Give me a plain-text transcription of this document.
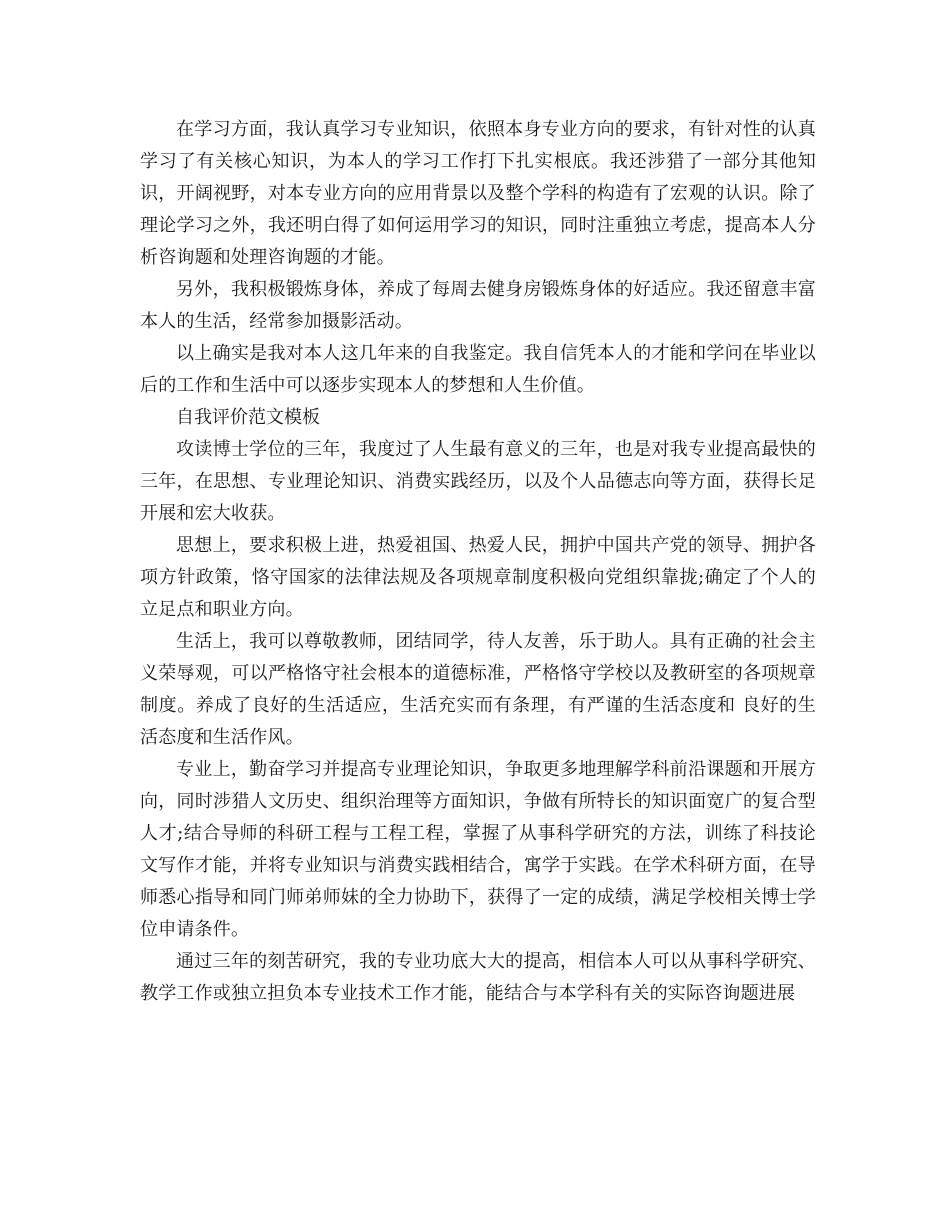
在学习方面，我认真学习专业知识，依照本身专业方向的要求，有针对性的认真学习了有关核心知识，为本人的学习工作打下扎实根底。我还涉猎了一部分其他知识，开阔视野，对本专业方向的应用背景以及整个学科的构造有了宏观的认识。除了理论学习之外，我还明白得了如何运用学习的知识，同时注重独立考虑，提高本人分析咨询题和处理咨询题的才能。

另外，我积极锻炼身体，养成了每周去健身房锻炼身体的好适应。我还留意丰富本人的生活，经常参加摄影活动。

以上确实是我对本人这几年来的自我鉴定。我自信凭本人的才能和学问在毕业以后的工作和生活中可以逐步实现本人的梦想和人生价值。

自我评价范文模板

攻读博士学位的三年，我度过了人生最有意义的三年，也是对我专业提高最快的三年，在思想、专业理论知识、消费实践经历，以及个人品德志向等方面，获得长足开展和宏大收获。

思想上，要求积极上进，热爱祖国、热爱人民，拥护中国共产党的领导、拥护各项方针政策，恪守国家的法律法规及各项规章制度积极向党组织靠拢;确定了个人的立足点和职业方向。

生活上，我可以尊敬教师，团结同学，待人友善，乐于助人。具有正确的社会主义荣辱观，可以严格恪守社会根本的道德标准，严格恪守学校以及教研室的各项规章制度。养成了良好的生活适应，生活充实而有条理，有严谨的生活态度和 良好的生活态度和生活作风。

专业上，勤奋学习并提高专业理论知识，争取更多地理解学科前沿课题和开展方向，同时涉猎人文历史、组织治理等方面知识，争做有所特长的知识面宽广的复合型人才;结合导师的科研工程与工程工程，掌握了从事科学研究的方法，训练了科技论文写作才能，并将专业知识与消费实践相结合，寓学于实践。在学术科研方面，在导师悉心指导和同门师弟师妹的全力协助下，获得了一定的成绩，满足学校相关博士学位申请条件。

通过三年的刻苦研究，我的专业功底大大的提高，相信本人可以从事科学研究、教学工作或独立担负本专业技术工作才能，能结合与本学科有关的实际咨询题进展
